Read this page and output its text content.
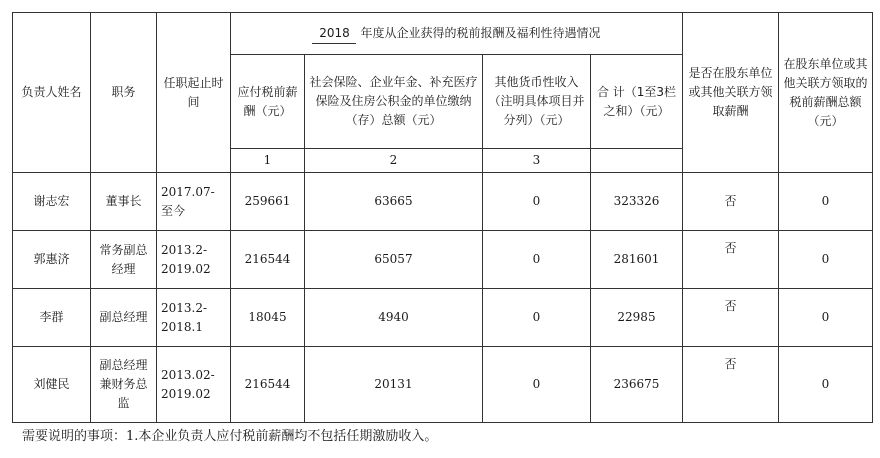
负责人姓名	职务	任职起止时间	2018 年度从企业获得的税前报酬及福利性待遇情况				是否在股东单位或其他关联方领取薪酬	在股东单位或其他关联方领取的税前薪酬总额（元）
			应付税前薪酬（元）	社会保险、企业年金、补充医疗保险及住房公积金的单位缴纳（存）总额（元）	其他货币性收入（注明具体项目并分列）（元）	合 计（1至3栏之和）（元）		
			1	2	3			
谢志宏	董事长	2017.07-至今	259661	63665	0	323326	否	0
郭惠济	常务副总经理	2013.2-2019.02	216544	65057	0	281601	否	0
李群	副总经理	2013.2-2018.1	18045	4940	0	22985	否	0
刘健民	副总经理兼财务总监	2013.02-2019.02	216544	20131	0	236675	否	0
需要说明的事项：1.本企业负责人应付税前薪酬均不包括任期激励收入。
